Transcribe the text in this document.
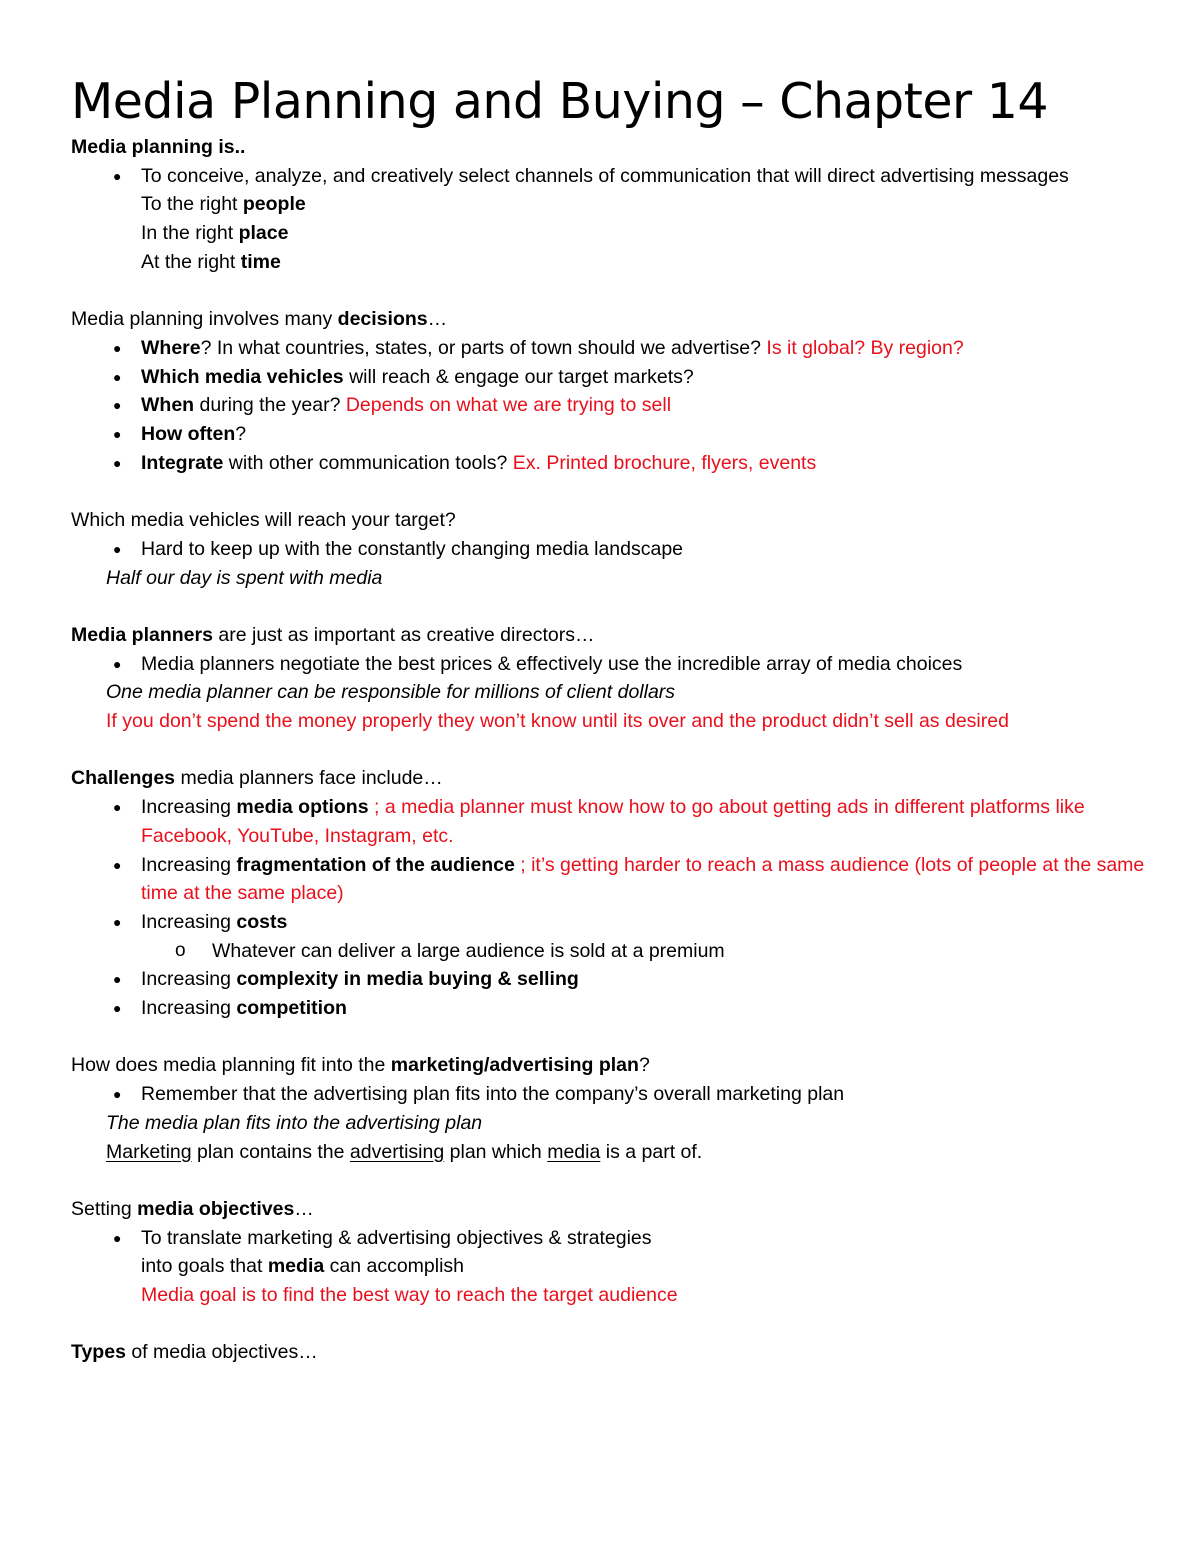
Media Planning and Buying – Chapter 14
Media planning is..
●	To conceive, analyze, and creatively select channels of communication that will direct advertising messages
To the right people
In the right place
At the right time
Media planning involves many decisions…
●	Where? In what countries, states, or parts of town should we advertise? Is it global? By region?
●	Which media vehicles will reach & engage our target markets?
●	When during the year? Depends on what we are trying to sell
●	How often?
●	Integrate with other communication tools? Ex. Printed brochure, flyers, events
Which media vehicles will reach your target?
●	Hard to keep up with the constantly changing media landscape
Half our day is spent with media
Media planners are just as important as creative directors…
●	Media planners negotiate the best prices & effectively use the incredible array of media choices
One media planner can be responsible for millions of client dollars
If you don’t spend the money properly they won’t know until its over and the product didn’t sell as desired
Challenges media planners face include…
●	Increasing media options ; a media planner must know how to go about getting ads in different platforms like Facebook, YouTube, Instagram, etc.
●	Increasing fragmentation of the audience ; it’s getting harder to reach a mass audience (lots of people at the same time at the same place)
●	Increasing costs
o Whatever can deliver a large audience is sold at a premium
●	Increasing complexity in media buying & selling
●	Increasing competition
How does media planning fit into the marketing/advertising plan?
●	Remember that the advertising plan fits into the company’s overall marketing plan
The media plan fits into the advertising plan
Marketing plan contains the advertising plan which media is a part of.
Setting media objectives…
●	To translate marketing & advertising objectives & strategies
into goals that media can accomplish
Media goal is to find the best way to reach the target audience
Types of media objectives…
